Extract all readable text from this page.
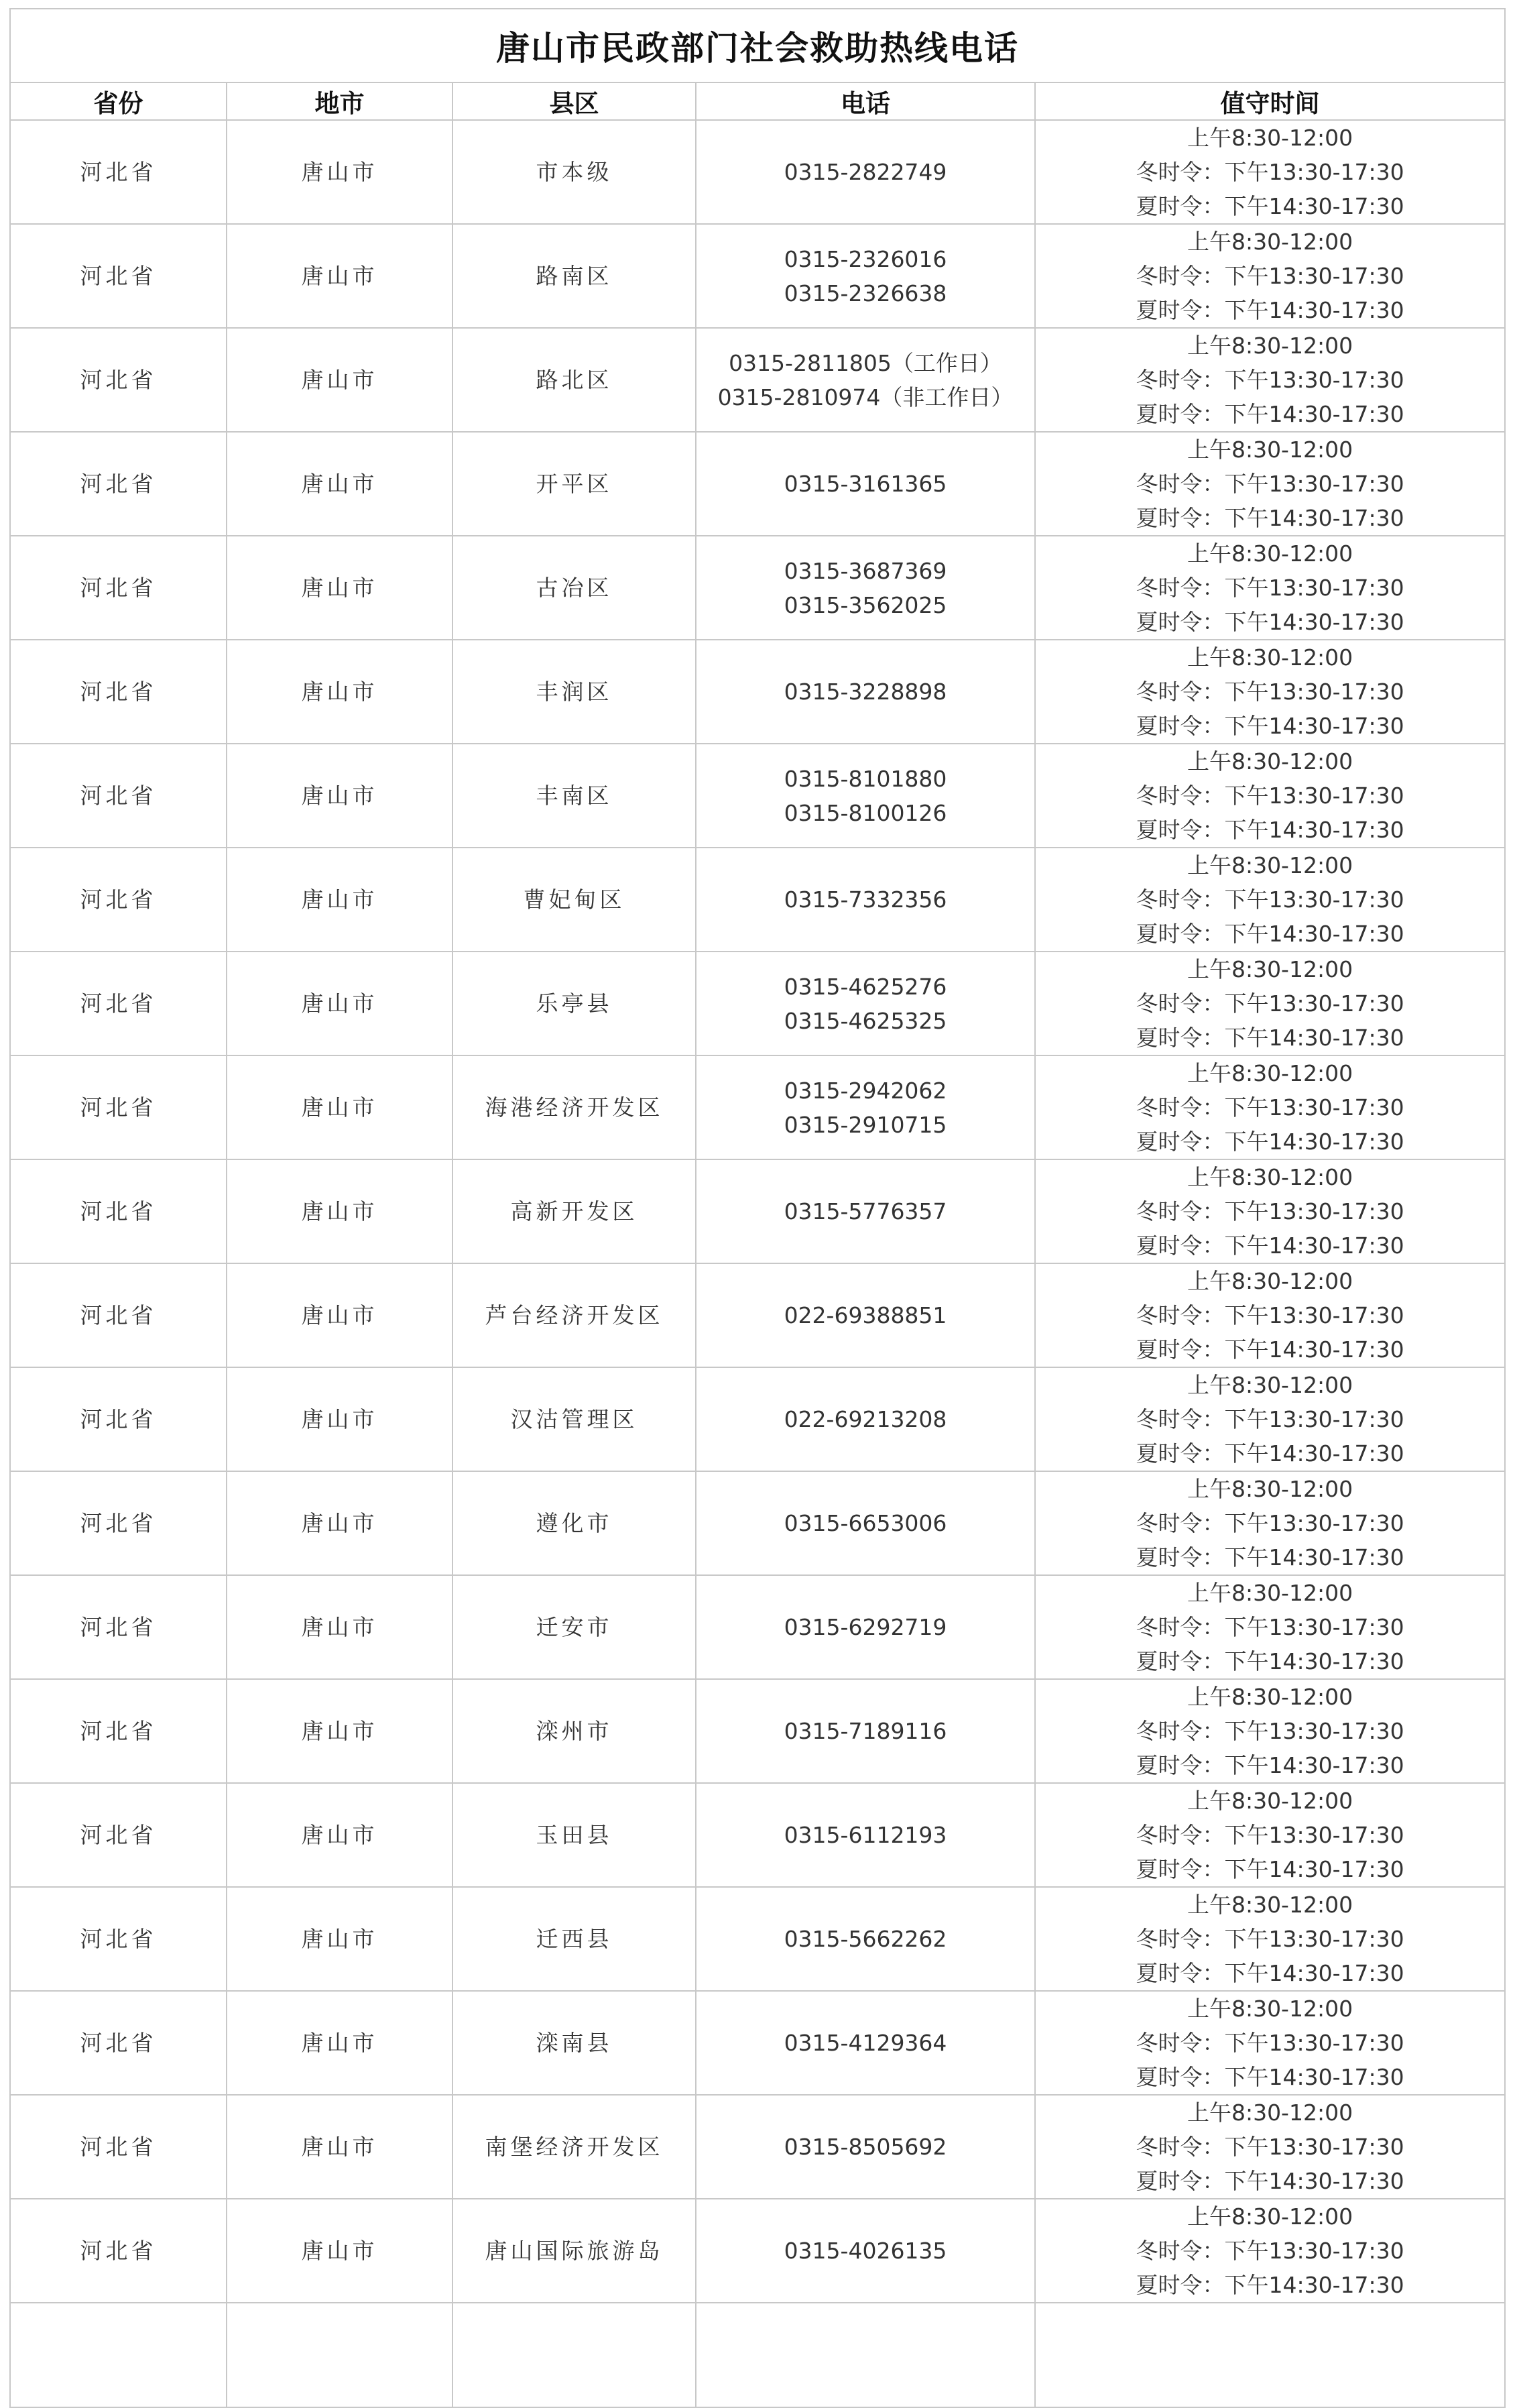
唐山市民政部门社会救助热线电话				
省份	地市	县区	电话	值守时间
河北省	唐山市	市本级	0315-2822749	上午8:30-12:00
冬时令：下午13:30-17:30
夏时令：下午14:30-17:30

河北省	唐山市	路南区	0315-2326016
0315-2326638	上午8:30-12:00
冬时令：下午13:30-17:30
夏时令：下午14:30-17:30

河北省	唐山市	路北区	0315-2811805（工作日）
0315-2810974（非工作日）	上午8:30-12:00
冬时令：下午13:30-17:30
夏时令：下午14:30-17:30

河北省	唐山市	开平区	0315-3161365	上午8:30-12:00
冬时令：下午13:30-17:30
夏时令：下午14:30-17:30

河北省	唐山市	古冶区	0315-3687369
0315-3562025	上午8:30-12:00
冬时令：下午13:30-17:30
夏时令：下午14:30-17:30

河北省	唐山市	丰润区	0315-3228898	上午8:30-12:00
冬时令：下午13:30-17:30
夏时令：下午14:30-17:30

河北省	唐山市	丰南区	0315-8101880
0315-8100126	上午8:30-12:00
冬时令：下午13:30-17:30
夏时令：下午14:30-17:30

河北省	唐山市	曹妃甸区	0315-7332356	上午8:30-12:00
冬时令：下午13:30-17:30
夏时令：下午14:30-17:30

河北省	唐山市	乐亭县	0315-4625276
0315-4625325	上午8:30-12:00
冬时令：下午13:30-17:30
夏时令：下午14:30-17:30

河北省	唐山市	海港经济开发区	0315-2942062
0315-2910715	上午8:30-12:00
冬时令：下午13:30-17:30
夏时令：下午14:30-17:30

河北省	唐山市	高新开发区	0315-5776357	上午8:30-12:00
冬时令：下午13:30-17:30
夏时令：下午14:30-17:30

河北省	唐山市	芦台经济开发区	022-69388851	上午8:30-12:00
冬时令：下午13:30-17:30
夏时令：下午14:30-17:30

河北省	唐山市	汉沽管理区	022-69213208	上午8:30-12:00
冬时令：下午13:30-17:30
夏时令：下午14:30-17:30

河北省	唐山市	遵化市	0315-6653006	上午8:30-12:00
冬时令：下午13:30-17:30
夏时令：下午14:30-17:30

河北省	唐山市	迁安市	0315-6292719	上午8:30-12:00
冬时令：下午13:30-17:30
夏时令：下午14:30-17:30

河北省	唐山市	滦州市	0315-7189116	上午8:30-12:00
冬时令：下午13:30-17:30
夏时令：下午14:30-17:30

河北省	唐山市	玉田县	0315-6112193	上午8:30-12:00
冬时令：下午13:30-17:30
夏时令：下午14:30-17:30

河北省	唐山市	迁西县	0315-5662262	上午8:30-12:00
冬时令：下午13:30-17:30
夏时令：下午14:30-17:30

河北省	唐山市	滦南县	0315-4129364	上午8:30-12:00
冬时令：下午13:30-17:30
夏时令：下午14:30-17:30

河北省	唐山市	南堡经济开发区	0315-8505692	上午8:30-12:00
冬时令：下午13:30-17:30
夏时令：下午14:30-17:30

河北省	唐山市	唐山国际旅游岛	0315-4026135	上午8:30-12:00
冬时令：下午13:30-17:30
夏时令：下午14:30-17:30
